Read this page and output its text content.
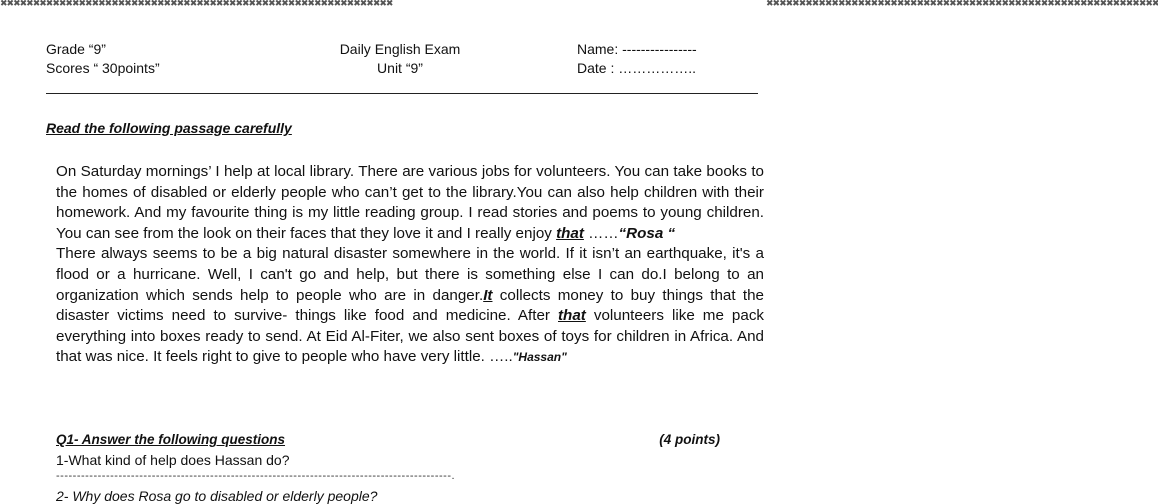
✖✖✖✖✖✖✖✖✖✖✖✖✖✖✖✖✖✖✖✖✖✖✖✖✖✖✖✖✖✖✖✖✖✖✖✖✖✖✖✖✖✖✖✖✖✖✖✖✖✖✖✖✖✖✖✖✖✖✖✖	✖✖✖✖✖✖✖✖✖✖✖✖✖✖✖✖✖✖✖✖✖✖✖✖✖✖✖✖✖✖✖✖✖✖✖✖✖✖✖✖✖✖✖✖✖✖✖✖✖✖✖✖✖✖✖✖✖✖✖✖
Grade “9”
Scores “ 30points”
Daily English Exam
Unit “9”
Name: ----------------
Date : ……………..
Read the following passage carefully

On Saturday mornings’ I help at local library. There are various jobs for volunteers. You can take books to the homes of disabled or elderly people who can’t get to the library.You can also help children with their homework. And my favourite thing is my little reading group. I read stories and poems to young children. You can see from the look on their faces that they love it and I really enjoy that ……“Rosa “

There always seems to be a big natural disaster somewhere in the world. If it isn’t an earthquake, it's a flood or a hurricane. Well, I can't go and help, but there is something else I can do.I belong to an organization which sends help to people who are in danger.It collects money to buy things that the disaster victims need to survive- things like food and medicine. After that volunteers like me pack everything into boxes ready to send. At Eid Al-Fiter, we also sent boxes of toys for children in Africa. And that was nice. It feels right to give to people who have very little. ….."Hassan"

Q1- Answer the following questions	(4 points)
1-What kind of help does Hassan do?
-----------------------------------------------------------------------------------------------.
2- Why does Rosa go to disabled or elderly people?
